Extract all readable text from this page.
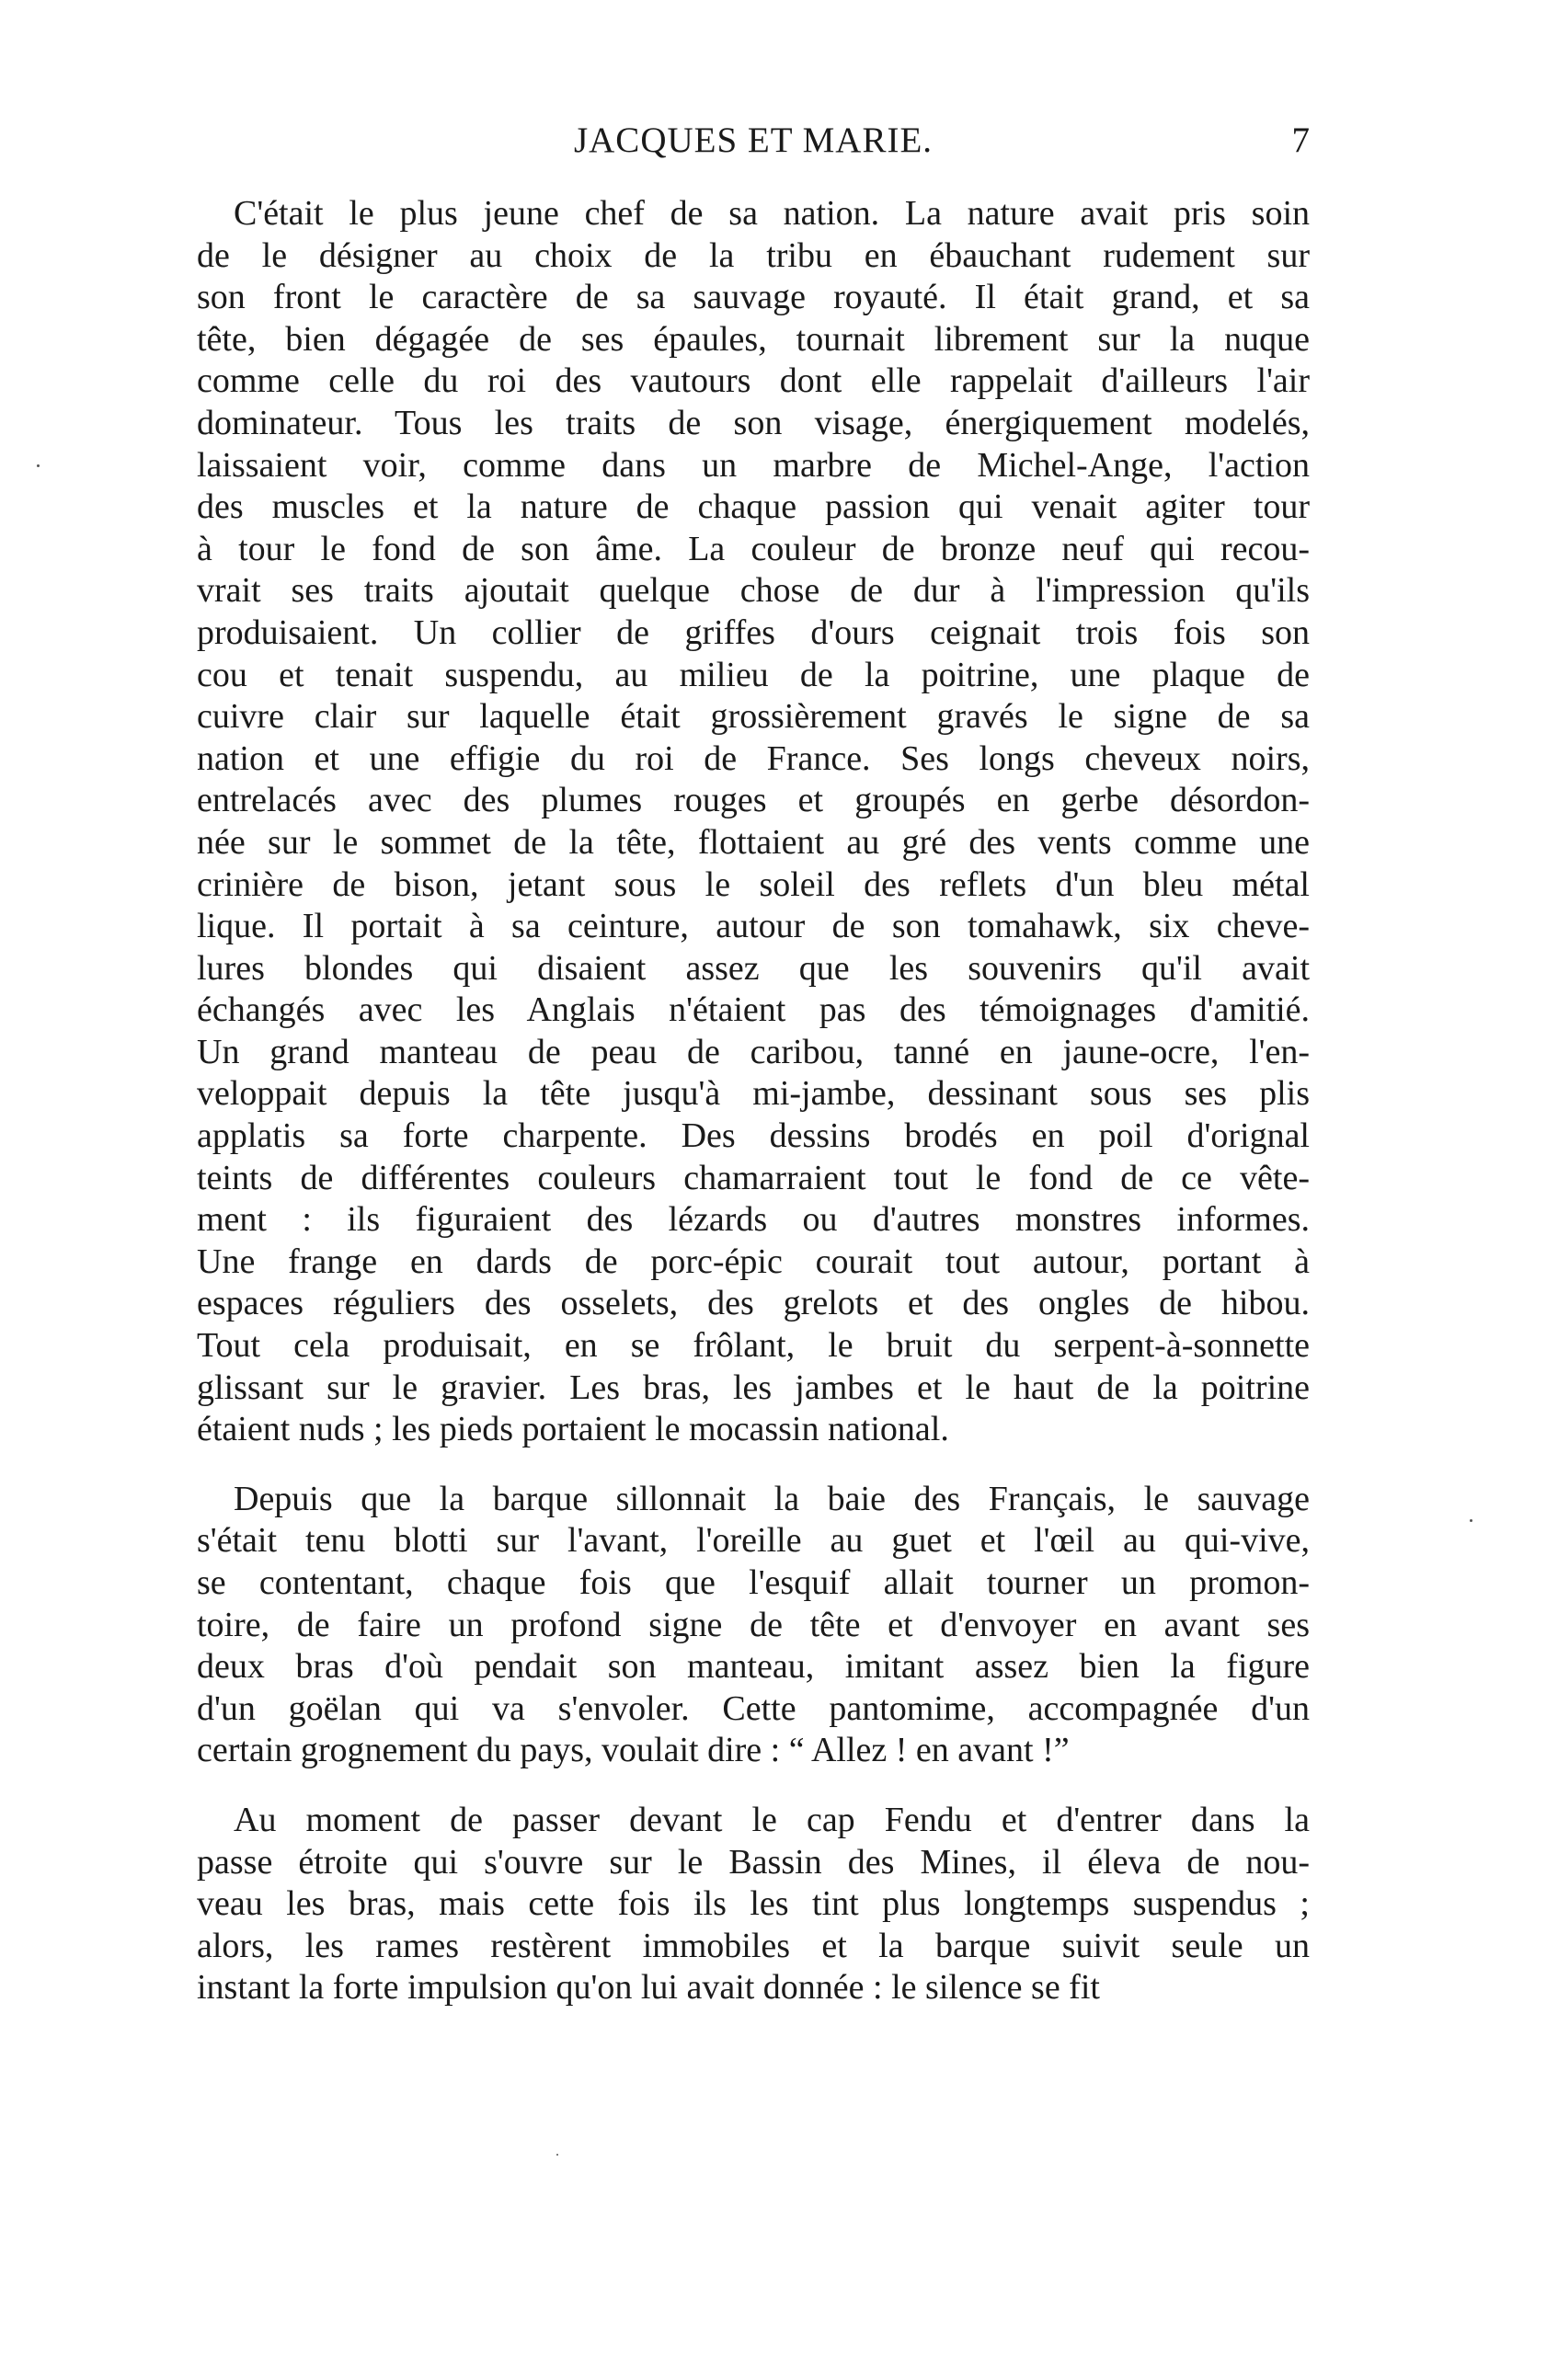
JACQUES ET MARIE.	7
C'était le plus jeune chef de sa nation. La nature avait pris soin
de le désigner au choix de la tribu en ébauchant rudement sur
son front le caractère de sa sauvage royauté. Il était grand, et sa
tête, bien dégagée de ses épaules, tournait librement sur la nuque
comme celle du roi des vautours dont elle rappelait d'ailleurs l'air
dominateur. Tous les traits de son visage, énergiquement modelés,
laissaient voir, comme dans un marbre de Michel-Ange, l'action
des muscles et la nature de chaque passion qui venait agiter tour
à tour le fond de son âme. La couleur de bronze neuf qui recou-
vrait ses traits ajoutait quelque chose de dur à l'impression qu'ils
produisaient. Un collier de griffes d'ours ceignait trois fois son
cou et tenait suspendu, au milieu de la poitrine, une plaque de
cuivre clair sur laquelle était grossièrement gravés le signe de sa
nation et une effigie du roi de France. Ses longs cheveux noirs,
entrelacés avec des plumes rouges et groupés en gerbe désordon-
née sur le sommet de la tête, flottaient au gré des vents comme une
crinière de bison, jetant sous le soleil des reflets d'un bleu métal
lique. Il portait à sa ceinture, autour de son tomahawk, six cheve-
lures blondes qui disaient assez que les souvenirs qu'il avait
échangés avec les Anglais n'étaient pas des témoignages d'amitié.
Un grand manteau de peau de caribou, tanné en jaune-ocre, l'en-
veloppait depuis la tête jusqu'à mi-jambe, dessinant sous ses plis
applatis sa forte charpente. Des dessins brodés en poil d'orignal
teints de différentes couleurs chamarraient tout le fond de ce vête-
ment : ils figuraient des lézards ou d'autres monstres informes.
Une frange en dards de porc-épic courait tout autour, portant à
espaces réguliers des osselets, des grelots et des ongles de hibou.
Tout cela produisait, en se frôlant, le bruit du serpent-à-sonnette
glissant sur le gravier. Les bras, les jambes et le haut de la poitrine
étaient nuds ; les pieds portaient le mocassin national.
Depuis que la barque sillonnait la baie des Français, le sauvage
s'était tenu blotti sur l'avant, l'oreille au guet et l'œil au qui-vive,
se contentant, chaque fois que l'esquif allait tourner un promon-
toire, de faire un profond signe de tête et d'envoyer en avant ses
deux bras d'où pendait son manteau, imitant assez bien la figure
d'un goëlan qui va s'envoler. Cette pantomime, accompagnée d'un
certain grognement du pays, voulait dire : “ Allez ! en avant !”
Au moment de passer devant le cap Fendu et d'entrer dans la
passe étroite qui s'ouvre sur le Bassin des Mines, il éleva de nou-
veau les bras, mais cette fois ils les tint plus longtemps suspendus ;
alors, les rames restèrent immobiles et la barque suivit seule un
instant la forte impulsion qu'on lui avait donnée : le silence se fit
